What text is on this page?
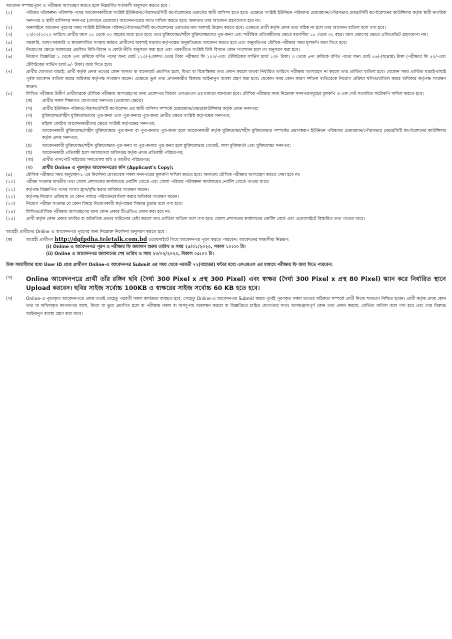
আবেদন সম্পন্ন/পূরণ ও পরীক্ষায় অংশগ্রহণ করতে হলে নিম্নবর্ণিত শর্তাবলী অনুসরণ করতে হবে :

(১)	পরিবার পরিকল্পনা পরিদর্শক পদের আবেদনকারীকে সংশ্লিষ্ট ইউনিয়ন/পৌরসভা/সিটি কর্পোরেশনের ওয়ার্ডের স্থায়ী বাসিন্দা হতে হবে। এক্ষেত্রে সংশ্লিষ্ট ইউনিয়ন পরিষদের চেয়ারম্যান/পৌরসভার মেয়র/সিটি কর্পোরেশনের কাউন্সিলর কর্তৃক স্থায়ী নাগরিক সনদপত্র ও স্থায়ী বাসিন্দার সনদপত্র (যেখানে প্রযোজ্য) আবেদনপত্রের সাথে দাখিল করতে হবে। অন্যথায় তার আবেদন গ্রহণযোগ্য হবে না।
(২)	অনলাইনে আবেদন পূরণের সময় সংশ্লিষ্ট ইউনিয়ন পরিষদ/পৌরসভা/সিটি কর্পোরেশনের ওয়ার্ডের নাম অবশ্যই উল্লেখ করতে হবে। এক্ষেত্রে প্রার্থী কর্তৃক প্রদত্ত তথ্য সঠিক না হলে তার আবেদন বাতিল বলে গণ্য হবে।
(৩)	২৩/০৩/২০২০ তারিখে প্রার্থীর বয়স ১৮ থেকে ৩০ বছরের মধ্যে হতে হবে। তবে মুক্তিযোদ্ধা/শহীদ মুক্তিযোদ্ধাদের পুত্র-কন্যা এবং শারীরিক প্রতিবন্ধীদের ক্ষেত্রে বয়সসীমা ১৮ থেকে ৩২ বছর। বয়স প্রমাণের ক্ষেত্রে এফিডেভিট গ্রহণযোগ্য নয়।
(৪)	সরকারি, আধা-সরকারি ও স্বায়ত্তশাসিত সংস্থায় কর্মরত প্রার্থীদের অবশ্যই যথাযথ কর্তৃপক্ষের অনুমতিক্রমে আবেদন করতে হবে এবং অনুমতিপত্র মৌখিক পরীক্ষার সময় মূলকপি জমা দিতে হবে।
(৫)	নিয়োগের ক্ষেত্রে সরকারের প্রচলিত বিধি-বিধান ও কোটা নীতি অনুসরণ করা হবে এবং পরবর্তীতে সংশ্লিষ্ট বিধি বিধানে কোন সংশোধন হলে তা অনুসরণ করা হবে।
(৬)	নিয়োগ বিজ্ঞপ্তির ১ থেকে ২নং ক্রমিকে বর্ণিত পদের জন্য মোট ১১৩/-(একশত তের) টাকা পরীক্ষার ফি ১০০/-এবং টেলিটকের সার্ভিস চার্জ ১৩/- টাকা। ৩ থেকে ৫নং ক্রমিকে বর্ণিত পদের জন্য মোট ৫৬/-(ছাপ্পান্ন) টাকা (পরীক্ষার ফি ৫০/-এবং টেলিটকের সার্ভিস চার্জ ৬/- টাকা) জমা দিতে হবে।
(৭)	প্রার্থীর যোগ্যতা যাচাই: প্রার্থী কর্তৃক প্রদত্ত তথ্যের কোন অসত্য বা বানোয়াট প্রমাণিত হলে, মিথ্যা বা বিভ্রান্তিকর তথ্য প্রদান করলে অথবা নির্ধারিত তারিখে পরীক্ষায় অংশগ্রহণ না করলে তার প্রার্থিতা বাতিল হবে। যেকোন সময় প্রার্থিতা যাচাই-বাছাই পূর্বক আবেদন বাতিল করার অধিকার কর্তৃপক্ষ সংরক্ষণ করেন। এক্ষেত্রে ভুল তথ্য প্রদানকারীর বিরুদ্ধে আইনানুগ ব্যবস্থা গ্রহণ করা হবে। যেকোন সময় কোন কারণ দর্শানো ব্যতিরেকে নিয়োগ প্রক্রিয়া স্থগিত/বাতিল করার অধিকার কর্তৃপক্ষ সংরক্ষণ করেন।
(৮)	লিখিত পরীক্ষায় উত্তীর্ণ প্রার্থীদেরকে মৌখিক পরীক্ষায় অংশগ্রহণের জন্য প্রবেশপত্র বিবরণ এসএমএস এর মাধ্যমে জানানো হবে। মৌখিক পরীক্ষার সময় নিম্নোক্ত সনদপত্রসমূহের মূলকপি ও এক সেট সত্যায়িত ফটোকপি দাখিল করতে হবে।
(ক)	প্রার্থীর সকল শিক্ষাগত যোগ্যতার সনদপত্র (প্রযোজ্য ক্ষেত্রে)
(খ)	প্রার্থীর ইউনিয়ন পরিষদ/পৌরসভা/সিটি কর্পোরেশন এর স্থায়ী বাসিন্দা সম্পর্কে চেয়ারম্যান/মেয়র/কাউন্সিলর কর্তৃক প্রদত্ত সনদপত্র;
(গ)	মুক্তিযোদ্ধা/শহীদ মুক্তিযোদ্ধাদের পুত্র-কন্যা এবং পুত্র-কন্যার পুত্র-কন্যা প্রার্থীর ক্ষেত্রে সংশ্লিষ্ট কর্তৃপক্ষের সনদপত্র;
(ঘ)	মহিলা কোটায় আবেদনকারীদের ক্ষেত্রে সংশ্লিষ্ট কর্তৃপক্ষের সনদপত্র;
(ঙ)	আবেদনকারী মুক্তিযোদ্ধা/শহীদ মুক্তিযোদ্ধার পুত্র-কন্যা বা পুত্র-কন্যার পুত্র-কন্যা হলে আবেদনকারী কর্তৃক মুক্তিযোদ্ধা/শহীদ মুক্তিযোদ্ধার সম্পর্কের প্রমাণস্বরূপ ইউনিয়ন পরিষদের চেয়ারম্যান/পৌরসভার মেয়র/সিটি কর্পোরেশনের কাউন্সিলর কর্তৃক প্রদত্ত সনদপত্র;
(চ)	আবেদনকারী মুক্তিযোদ্ধা/শহীদ মুক্তিযোদ্ধার পুত্র-কন্যা বা পুত্র-কন্যার পুত্র-কন্যা হলে মুক্তিযোদ্ধার গেজেট, লাল মুক্তিবার্তা এবং মুক্তিযোদ্ধা সনদপত্র;
(ছ)	আবেদনকারী প্রতিবন্ধী হলে সমাজসেবা অধিদপ্তর কর্তৃক প্রদত্ত প্রতিবন্ধী পরিচয়পত্র;
(জ)	প্রার্থীর পাসপোর্ট সাইজের সদ্যতোলা ছবি ও জাতীয় পরিচয়পত্র;
(ঝ)	প্রার্থীর Online এ পূরণকৃত আবেদনপত্রের কপি (Applicant's Copy);
(৯)	মৌখিক পরীক্ষার সময় অনুচ্ছেদ-৮ এর নির্দেশনা মোতাবেক সকল সনদপত্রের মূলকপি দাখিল করতে হবে। অন্যথায় মৌখিক পরীক্ষায় অংশগ্রহণ করতে দেয়া হবে না।
(১০)	পরীক্ষা সংক্রান্ত যাবতীয় তথ্য জেলা প্রশাসকের কার্যালয়ের নোটিশ বোর্ডে এবং জেলা পরিবার পরিকল্পনা কার্যালয়ের নোটিশ বোর্ডে পাওয়া যাবে।
(১১)	কর্তৃপক্ষ বিজ্ঞাপিত পদের সংখ্যা হ্রাস/বৃদ্ধি করার অধিকার সংরক্ষণ করেন।
(১২)	কর্তৃপক্ষ নিয়োগ প্রক্রিয়ায় যে কোন পর্যায়ে পরিবর্তন/বাতিল করার অধিকার সংরক্ষণ করেন।
(১৩)	নিয়োগ পরীক্ষা সংক্রান্ত যে কোন বিষয়ে নিয়োগকারী কর্তৃপক্ষের সিদ্ধান্ত চূড়ান্ত বলে গণ্য হবে।
(১৪)	লিখিত/মৌখিক পরীক্ষায় অংশগ্রহণের জন্য কোন প্রকার টিএ/ডিএ প্রদান করা হবে না।
(১৫)	প্রার্থী কর্তৃক কোন প্রকার তদবির বা অনৈতিক প্রভাব খাটানোর চেষ্টা করলে তার প্রার্থিতা বাতিল বলে গণ্য হবে। জেলা প্রশাসনের কার্যালয়ের নোটিশ বোর্ড এবং ওয়েবসাইটে বিস্তারিত তথ্য পাওয়া যাবে।

আগ্রহী প্রার্থীদের Online এ আবেদনপত্র পূরণের জন্য নিম্নোক্ত নির্দেশনা অনুসরণ করতে হবে :

(ক)	আগ্রহী প্রার্থীগণ http://dgfpdha.teletalk.com.bd ওয়েবসাইটে গিয়ে আবেদনপত্র পূরণ করতে পারবেন। আবেদনের সময়সীমা নিম্নরূপ:
(i) Online এ আবেদনপত্র পূরণ ও পরীক্ষার ফি জমাদান শুরুর তারিখ ও সময় ২৫/০১/২০২০, সকাল ১০:০০ টা।
(ii) Online এ আবেদনপত্র জমাদানের শেষ তারিখ ও সময় ২৩/০২/২০২০, বিকাল ০৫:০০ টা।

উক্ত সময়সীমার মধ্যে User ID প্রাপ্ত প্রার্থীগণ Online-এ আবেদনপত্র Submit এর সময় থেকে পরবর্তী ৭২(বাহাত্তর) ঘন্টার মধ্যে এসএমএস এর মাধ্যমে পরীক্ষার ফি জমা দিতে পারবেন।

(খ)	Online আবেদনপত্রে প্রার্থী তাঁর রঙ্গিন ছবি (দৈর্ঘ্য 300 Pixel x প্রস্থ 300 Pixel) এবং স্বাক্ষর (দৈর্ঘ্য 300 Pixel x প্রস্থ 80 Pixel) স্ক্যান করে নির্ধারিত স্থানে Upload করবেন। ছবির সাইজ সর্বোচ্চ 100KB ও স্বাক্ষরের সাইজ সর্বোচ্চ 60 KB হতে হবে।
(গ)	Online-এ পূরণকৃত আবেদনপত্রে প্রদত্ত তথ্যই যেহেতু পরবর্তী সকল কার্যক্রমে ব্যবহৃত হবে, সেহেতু Online-এ আবেদনপত্র Submit করার পূর্বেই পূরণকৃত সকল তথ্যের সঠিকতা সম্পর্কে প্রার্থী নিজে শতভাগ নিশ্চিত হবেন। প্রার্থী কর্তৃক প্রদত্ত কোন তথ্য বা দাখিলকৃত কাগজপত্র জাল, মিথ্যা বা ভুয়া প্রমাণিত হলে বা পরীক্ষায় নকল বা অসদুপায় অবলম্বন করলে বা বিজ্ঞপ্তিতে চাহিত যোগ্যতার সাথে অসামঞ্জস্যপূর্ণ কোন তথ্য প্রদান করলে, প্রার্থিতা বাতিল বলে গণ্য হবে এবং তার বিরুদ্ধে আইনানুগ ব্যবস্থা গ্রহণ করা যাবে।
